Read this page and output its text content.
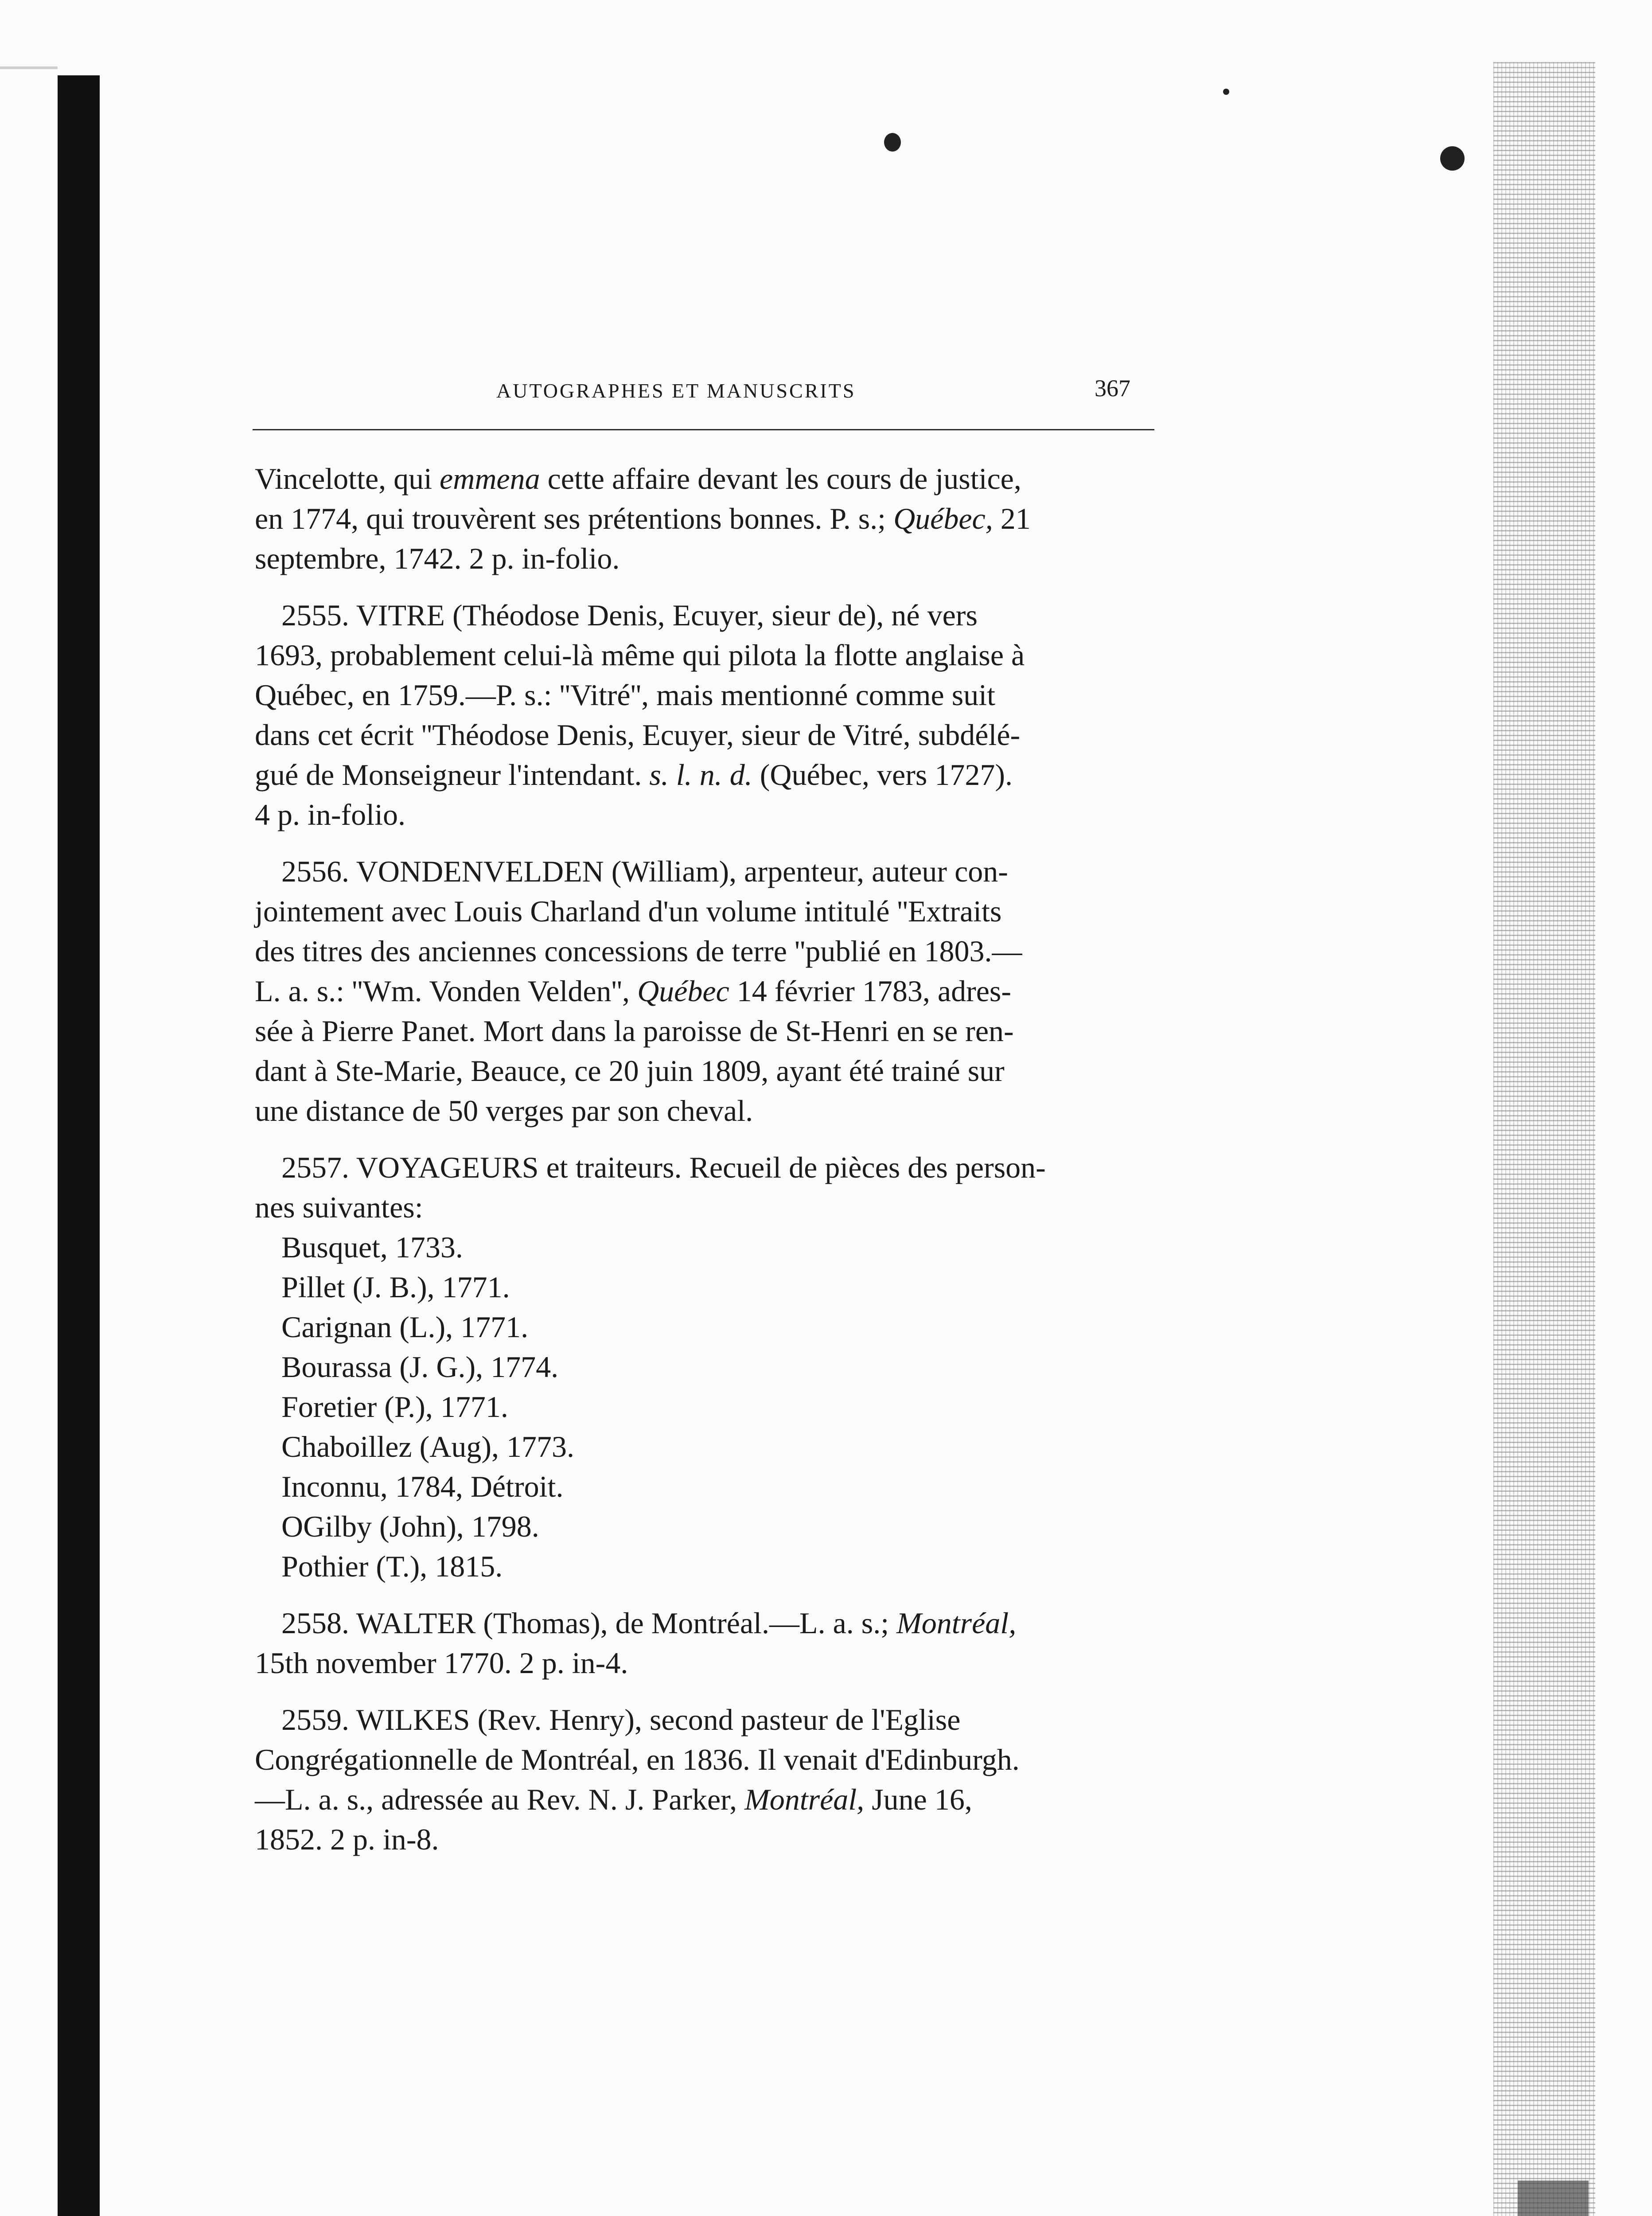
AUTOGRAPHES ET MANUSCRITS	367

Vincelotte, qui emmena cette affaire devant les cours de justice,
en 1774, qui trouvèrent ses prétentions bonnes. P. s.; Québec, 21
septembre, 1742. 2 p. in-folio.

2555. VITRE (Théodose Denis, Ecuyer, sieur de), né vers
1693, probablement celui-là même qui pilota la flotte anglaise à
Québec, en 1759.—P. s.: ''Vitré'', mais mentionné comme suit
dans cet écrit ''Théodose Denis, Ecuyer, sieur de Vitré, subdélé-
gué de Monseigneur l'intendant. s. l. n. d. (Québec, vers 1727).
4 p. in-folio.

2556. VONDENVELDEN (William), arpenteur, auteur con-
jointement avec Louis Charland d'un volume intitulé ''Extraits
des titres des anciennes concessions de terre ''publié en 1803.—
L. a. s.: ''Wm. Vonden Velden'', Québec 14 février 1783, adres-
sée à Pierre Panet. Mort dans la paroisse de St-Henri en se ren-
dant à Ste-Marie, Beauce, ce 20 juin 1809, ayant été trainé sur
une distance de 50 verges par son cheval.

2557. VOYAGEURS et traiteurs. Recueil de pièces des person-
nes suivantes:

Busquet, 1733.
Pillet (J. B.), 1771.
Carignan (L.), 1771.
Bourassa (J. G.), 1774.
Foretier (P.), 1771.
Chaboillez (Aug), 1773.
Inconnu, 1784, Détroit.
OGilby (John), 1798.
Pothier (T.), 1815.

2558. WALTER (Thomas), de Montréal.—L. a. s.; Montréal,
15th november 1770. 2 p. in-4.

2559. WILKES (Rev. Henry), second pasteur de l'Eglise
Congrégationnelle de Montréal, en 1836. Il venait d'Edinburgh.
—L. a. s., adressée au Rev. N. J. Parker, Montréal, June 16,
1852. 2 p. in-8.
